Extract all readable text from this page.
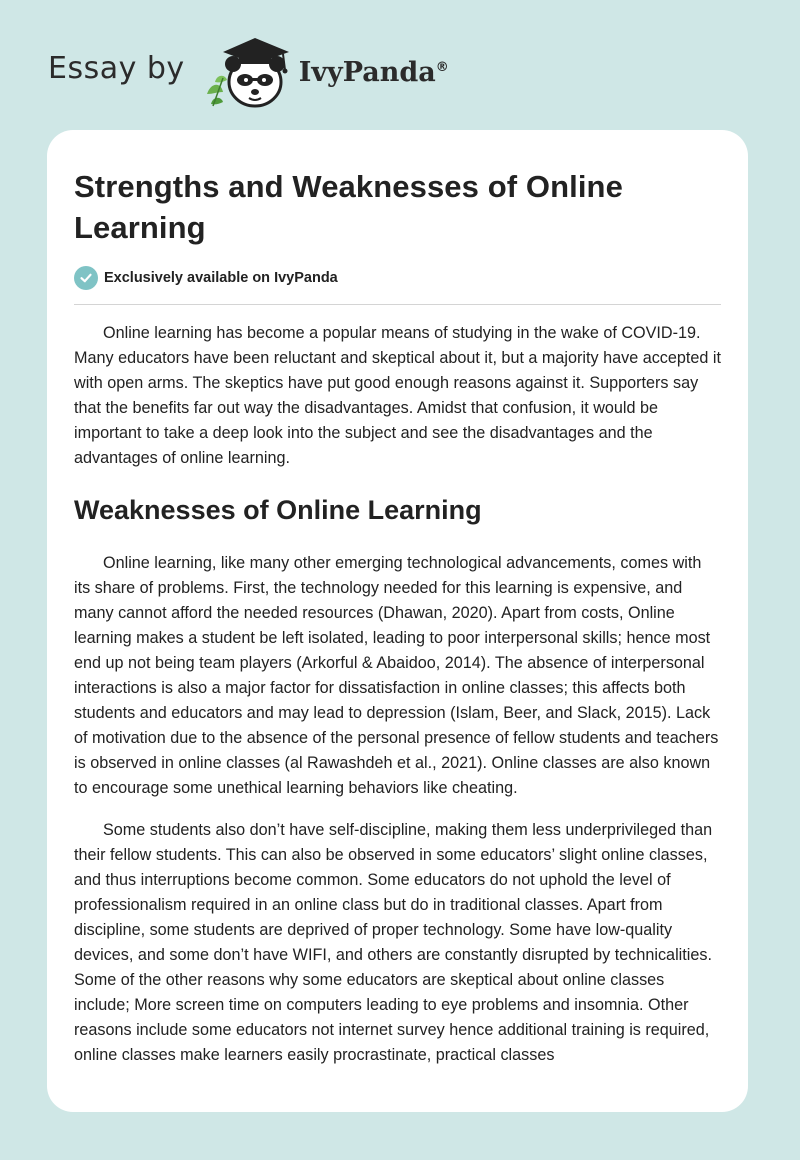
Essay by	IvyPanda®
Strengths and Weaknesses of Online Learning
Exclusively available on IvyPanda

Online learning has become a popular means of studying in the wake of COVID-19. Many educators have been reluctant and skeptical about it, but a majority have accepted it with open arms. The skeptics have put good enough reasons against it. Supporters say that the benefits far out way the disadvantages. Amidst that confusion, it would be important to take a deep look into the subject and see the disadvantages and the advantages of online learning.

Weaknesses of Online Learning

Online learning, like many other emerging technological advancements, comes with its share of problems. First, the technology needed for this learning is expensive, and many cannot afford the needed resources (Dhawan, 2020). Apart from costs, Online learning makes a student be left isolated, leading to poor interpersonal skills; hence most end up not being team players (Arkorful & Abaidoo, 2014). The absence of interpersonal interactions is also a major factor for dissatisfaction in online classes; this affects both students and educators and may lead to depression (Islam, Beer, and Slack, 2015). Lack of motivation due to the absence of the personal presence of fellow students and teachers is observed in online classes (al Rawashdeh et al., 2021). Online classes are also known to encourage some unethical learning behaviors like cheating.

Some students also don’t have self-discipline, making them less underprivileged than their fellow students. This can also be observed in some educators’ slight online classes, and thus interruptions become common. Some educators do not uphold the level of professionalism required in an online class but do in traditional classes. Apart from discipline, some students are deprived of proper technology. Some have low-quality devices, and some don’t have WIFI, and others are constantly disrupted by technicalities. Some of the other reasons why some educators are skeptical about online classes include; More screen time on computers leading to eye problems and insomnia. Other reasons include some educators not internet survey hence additional training is required, online classes make learners easily procrastinate, practical classes
